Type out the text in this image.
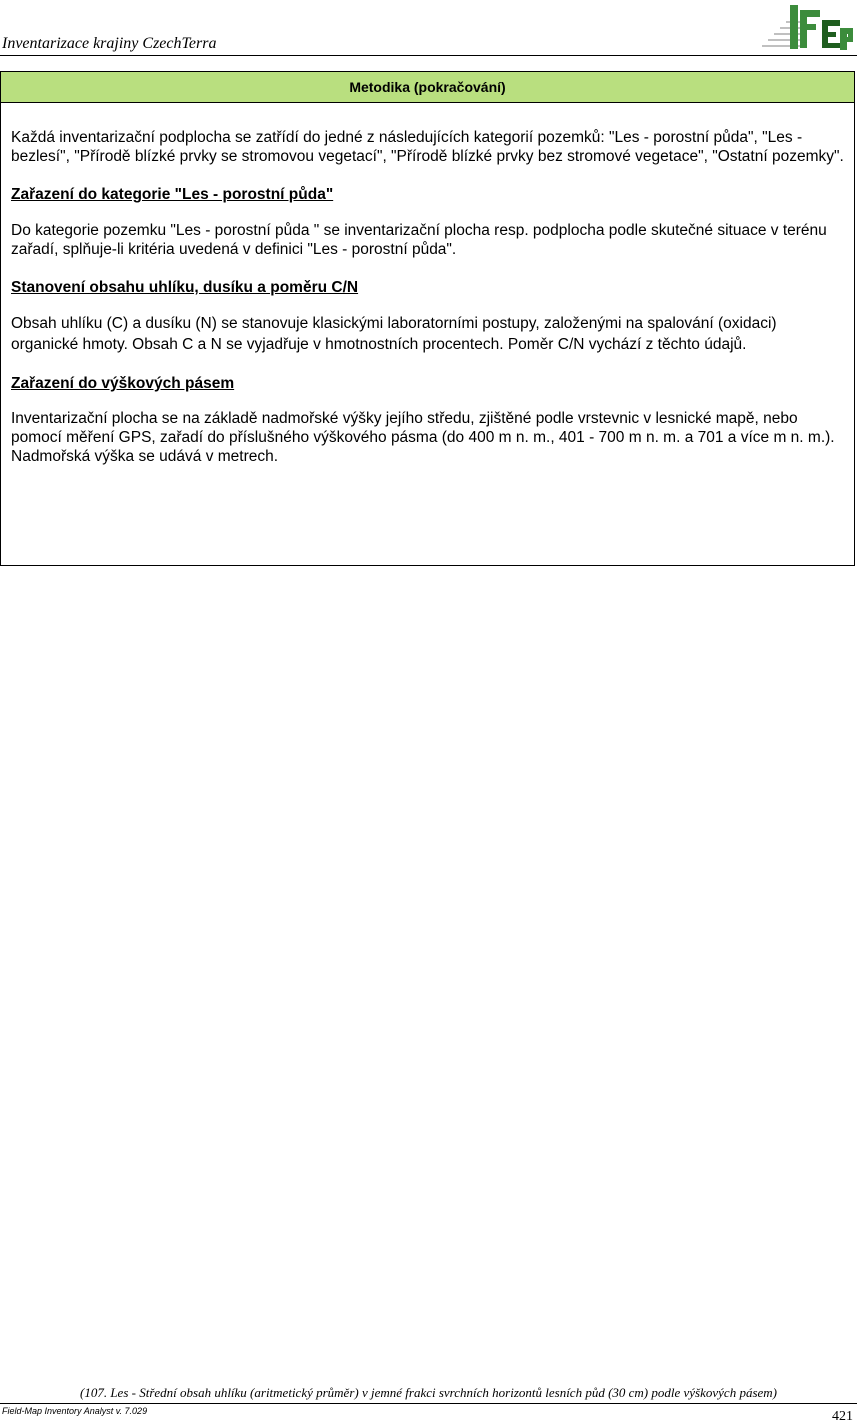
Inventarizace krajiny CzechTerra
Metodika (pokračování)

Každá inventarizační podplocha se zatřídí do jedné z následujících kategorií pozemků: "Les - porostní půda", "Les - bezlesí", "Přírodě blízké prvky se stromovou vegetací", "Přírodě blízké prvky bez stromové vegetace", "Ostatní pozemky".

Zařazení do kategorie "Les - porostní půda"

Do kategorie pozemku "Les - porostní půda " se inventarizační plocha resp. podplocha podle skutečné situace v terénu zařadí, splňuje-li kritéria uvedená v definici "Les - porostní půda".

Stanovení obsahu uhlíku, dusíku a poměru C/N

Obsah uhlíku (C) a dusíku (N) se stanovuje klasickými laboratorními postupy, založenými na spalování (oxidaci) organické hmoty. Obsah C a N se vyjadřuje v hmotnostních procentech. Poměr C/N vychází z těchto údajů.

Zařazení do výškových pásem

Inventarizační plocha se na základě nadmořské výšky jejího středu, zjištěné podle vrstevnic v lesnické mapě, nebo pomocí měření GPS, zařadí do příslušného výškového pásma (do 400 m n. m., 401 - 700 m n. m. a 701 a více m n. m.). Nadmořská výška se udává v metrech.

(107. Les - Střední obsah uhlíku (aritmetický průměr) v jemné frakci svrchních horizontů lesních půd (30 cm) podle výškových pásem)
Field-Map Inventory Analyst v. 7.029	421
